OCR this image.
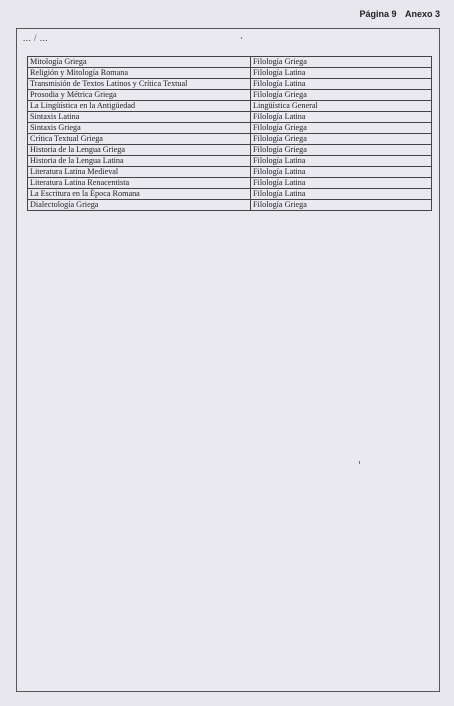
Página 9 Anexo 3
... / ...
Mitología Griega	Filología Griega
Religión y Mitología Romana	Filología Latina
Transmisión de Textos Latinos y Crítica Textual	Filología Latina
Prosodia y Métrica Griega	Filología Griega
La Lingüística en la Antigüedad	Lingüística General
Sintaxis Latina	Filología Latina
Sintaxis Griega	Filología Griega
Crítica Textual Griega	Filología Griega
Historia de la Lengua Griega	Filología Griega
Historia de la Lengua Latina	Filología Latina
Literatura Latina Medieval	Filología Latina
Literatura Latina Renacentista	Filología Latina
La Escritura en la Época Romana	Filología Latina
Dialectología Griega	Filología Griega
